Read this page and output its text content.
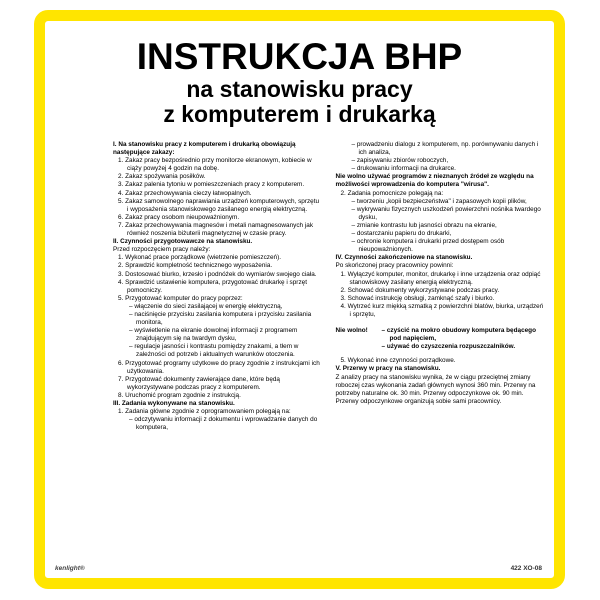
INSTRUKCJA BHP
na stanowisku pracy
z komputerem i drukarką

I. Na stanowisku pracy z komputerem i drukarką obowiązują następujące zakazy:

1. Zakaz pracy bezpośrednio przy monitorze ekranowym, kobiecie w ciąży powyżej 4 godzin na dobę.

2. Zakaz spożywania posiłków.

3. Zakaz palenia tytoniu w pomieszczeniach pracy z komputerem.

4. Zakaz przechowywania cieczy łatwopalnych.

5. Zakaz samowolnego naprawiania urządzeń komputerowych, sprzętu i wyposażenia stanowiskowego zasilanego energią elektryczną.

6. Zakaz pracy osobom nieupoważnionym.

7. Zakaz przechowywania magnesów i metali namagnesowanych jak również noszenia biżuterii magnetycznej w czasie pracy.

II. Czynności przygotowawcze na stanowisku.

Przed rozpoczęciem pracy należy:

1. Wykonać prace porządkowe (wietrzenie pomieszczeń).

2. Sprawdzić kompletność technicznego wyposażenia.

3. Dostosować biurko, krzesło i podnóżek do wymiarów swojego ciała.

4. Sprawdzić ustawienie komputera, przygotować drukarkę i sprzęt pomocniczy.

5. Przygotować komputer do pracy poprzez:

– włączenie do sieci zasilającej w energię elektryczną,

– naciśnięcie przycisku zasilania komputera i przycisku zasilania monitora,

– wyświetlenie na ekranie dowolnej informacji z programem znajdującym się na twardym dysku,

– regulacje jasności i kontrastu pomiędzy znakami, a tłem w zależności od potrzeb i aktualnych warunków otoczenia.

6. Przygotować programy użytkowe do pracy zgodnie z instrukcjami ich użytkowania.

7. Przygotować dokumenty zawierające dane, które będą wykorzystywane podczas pracy z komputerem.

8. Uruchomić program zgodnie z instrukcją.

III. Zadania wykonywane na stanowisku.

1. Zadania główne zgodnie z oprogramowaniem polegają na:

– odczytywaniu informacji z dokumentu i wprowadzanie danych do komputera,

– prowadzeniu dialogu z komputerem, np. porównywaniu danych i ich analiza,

– zapisywaniu zbiorów roboczych,

– drukowaniu informacji na drukarce.

Nie wolno używać programów z nieznanych źródeł ze względu na możliwości wprowadzenia do komputera "wirusa".

2. Zadania pomocnicze polegają na:

– tworzeniu „kopii bezpieczeństwa" i zapasowych kopii plików,

– wykrywaniu fizycznych uszkodzeń powierzchni nośnika twardego dysku,

– zmianie kontrastu lub jasności obrazu na ekranie,

– dostarczaniu papieru do drukarki,

– ochronie komputera i drukarki przed dostępem osób nieupoważnionych.

IV. Czynności zakończeniowe na stanowisku.

Po skończonej pracy pracownicy powinni:

1. Wyłączyć komputer, monitor, drukarkę i inne urządzenia oraz odpiąć stanowiskowy zasilany energią elektryczną.

2. Schować dokumenty wykorzystywane podczas pracy.

3. Schować instrukcję obsługi, zamknąć szafy i biurko.

4. Wytrzeć kurz miękką szmatką z powierzchni blatów, biurka, urządzeń i sprzętu,

Nie wolno!	– czyścić na mokro obudowy komputera będącego pod napięciem,

– używać do czyszczenia rozpuszczalników.

5. Wykonać inne czynności porządkowe.

V. Przerwy w pracy na stanowisku.

Z analizy pracy na stanowisku wynika, że w ciągu przeciętnej zmiany roboczej czas wykonania zadań głównych wynosi 360 min. Przerwy na potrzeby naturalne ok. 30 min. Przerwy odpoczynkowe ok. 90 min. Przerwy odpoczynkowe organizują sobie sami pracownicy.

kenlight®	422 XO-08
